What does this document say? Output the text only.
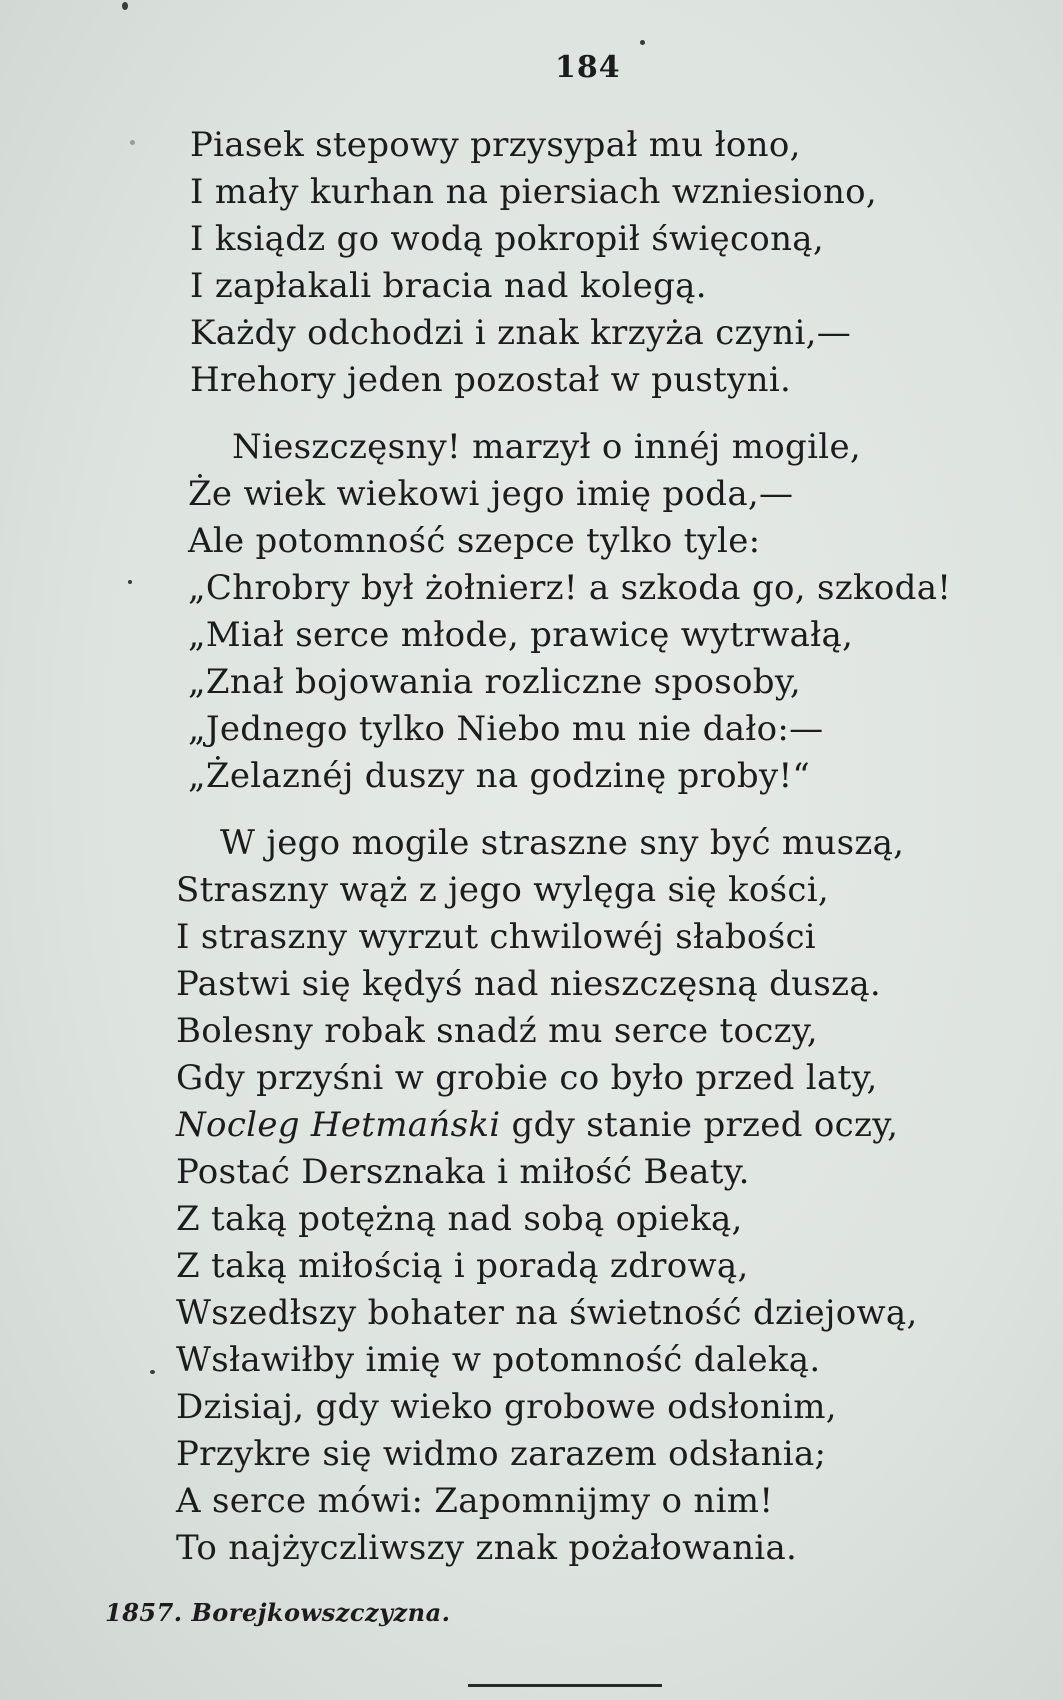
184
Piasek stepowy przysypał mu łono,
I mały kurhan na piersiach wzniesiono,
I ksiądz go wodą pokropił święconą,
I zapłakali bracia nad kolegą.
Każdy odchodzi i znak krzyża czyni,—
Hrehory jeden pozostał w pustyni.
Nieszczęsny! marzył o innéj mogile,
Że wiek wiekowi jego imię poda,—
Ale potomność szepce tylko tyle:
„Chrobry był żołnierz! a szkoda go, szkoda!
„Miał serce młode, prawicę wytrwałą,
„Znał bojowania rozliczne sposoby,
„Jednego tylko Niebo mu nie dało:—
„Żelaznéj duszy na godzinę proby!“
W jego mogile straszne sny być muszą,
Straszny wąż z jego wylęga się kości,
I straszny wyrzut chwilowéj słabości
Pastwi się kędyś nad nieszczęsną duszą.
Bolesny robak snadź mu serce toczy,
Gdy przyśni w grobie co było przed laty,
Nocleg Hetmański gdy stanie przed oczy,
Postać Dersznaka i miłość Beaty.
Z taką potężną nad sobą opieką,
Z taką miłością i poradą zdrową,
Wszedłszy bohater na świetność dziejową,
Wsławiłby imię w potomność daleką.
Dzisiaj, gdy wieko grobowe odsłonim,
Przykre się widmo zarazem odsłania;
A serce mówi: Zapomnijmy o nim!
To najżyczliwszy znak pożałowania.
1857. Borejkowszczyzna.
